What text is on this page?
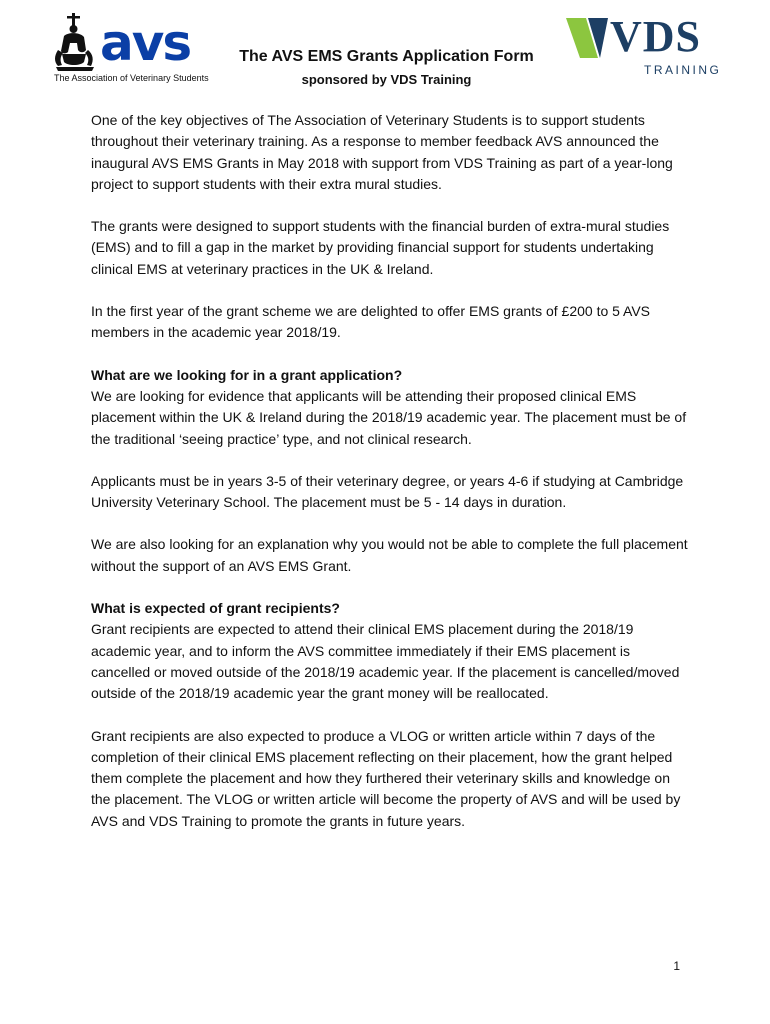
avs
The Association of Veterinary Students
The AVS EMS Grants Application Form
sponsored by VDS Training
VDS
TRAINING

One of the key objectives of The Association of Veterinary Students is to support students throughout their veterinary training. As a response to member feedback AVS announced the inaugural AVS EMS Grants in May 2018 with support from VDS Training as part of a year-long project to support students with their extra mural studies.

The grants were designed to support students with the financial burden of extra-mural studies (EMS) and to fill a gap in the market by providing financial support for students undertaking clinical EMS at veterinary practices in the UK & Ireland.

In the first year of the grant scheme we are delighted to offer EMS grants of £200 to 5 AVS members in the academic year 2018/19.

What are we looking for in a grant application?
We are looking for evidence that applicants will be attending their proposed clinical EMS placement within the UK & Ireland during the 2018/19 academic year. The placement must be of the traditional ‘seeing practice’ type, and not clinical research.

Applicants must be in years 3-5 of their veterinary degree, or years 4-6 if studying at Cambridge University Veterinary School. The placement must be 5 - 14 days in duration.

We are also looking for an explanation why you would not be able to complete the full placement without the support of an AVS EMS Grant.

What is expected of grant recipients?
Grant recipients are expected to attend their clinical EMS placement during the 2018/19 academic year, and to inform the AVS committee immediately if their EMS placement is cancelled or moved outside of the 2018/19 academic year. If the placement is cancelled/moved outside of the 2018/19 academic year the grant money will be reallocated.

Grant recipients are also expected to produce a VLOG or written article within 7 days of the completion of their clinical EMS placement reflecting on their placement, how the grant helped them complete the placement and how they furthered their veterinary skills and knowledge on the placement. The VLOG or written article will become the property of AVS and will be used by AVS and VDS Training to promote the grants in future years.

1
